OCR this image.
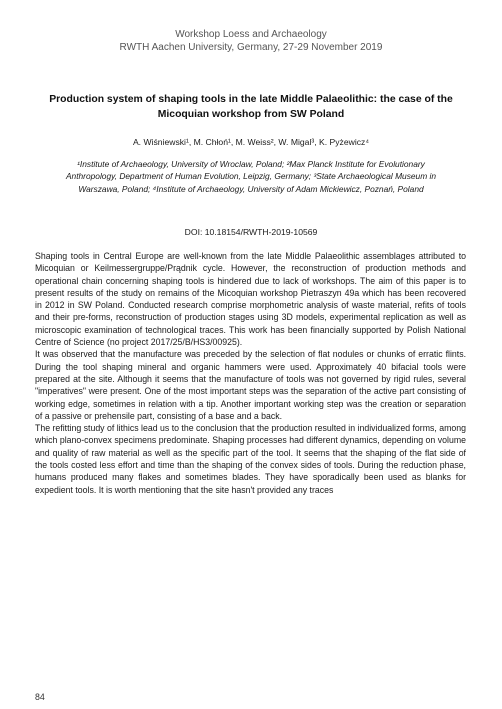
Workshop Loess and Archaeology
RWTH Aachen University, Germany, 27-29 November 2019
Production system of shaping tools in the late Middle Palaeolithic: the case of the Micoquian workshop from SW Poland
A. Wiśniewski¹, M. Chłoń¹, M. Weiss², W. Migal³, K. Pyżewicz⁴
¹Institute of Archaeology, University of Wroclaw, Poland; ²Max Planck Institute for Evolutionary Anthropology, Department of Human Evolution, Leipzig, Germany; ³State Archaeological Museum in Warszawa, Poland; ⁴Institute of Archaeology, University of Adam Mickiewicz, Poznań, Poland
DOI: 10.18154/RWTH-2019-10569

Shaping tools in Central Europe are well-known from the late Middle Palaeolithic assemblages attributed to Micoquian or Keilmessergruppe/Prądnik cycle. However, the reconstruction of production methods and operational chain concerning shaping tools is hindered due to lack of workshops. The aim of this paper is to present results of the study on remains of the Micoquian workshop Pietraszyn 49a which has been recovered in 2012 in SW Poland. Conducted research comprise morphometric analysis of waste material, refits of tools and their pre-forms, reconstruction of production stages using 3D models, experimental replication as well as microscopic examination of technological traces. This work has been financially supported by Polish National Centre of Science (no project 2017/25/B/HS3/00925).

It was observed that the manufacture was preceded by the selection of flat nodules or chunks of erratic flints. During the tool shaping mineral and organic hammers were used. Approximately 40 bifacial tools were prepared at the site. Although it seems that the manufacture of tools was not governed by rigid rules, several "imperatives" were present. One of the most important steps was the separation of the active part consisting of working edge, sometimes in relation with a tip. Another important working step was the creation or separation of a passive or prehensile part, consisting of a base and a back.

The refitting study of lithics lead us to the conclusion that the production resulted in individualized forms, among which plano-convex specimens predominate. Shaping processes had different dynamics, depending on volume and quality of raw material as well as the specific part of the tool. It seems that the shaping of the flat side of the tools costed less effort and time than the shaping of the convex sides of tools. During the reduction phase, humans produced many flakes and sometimes blades. They have sporadically been used as blanks for expedient tools. It is worth mentioning that the site hasn't provided any traces

84
